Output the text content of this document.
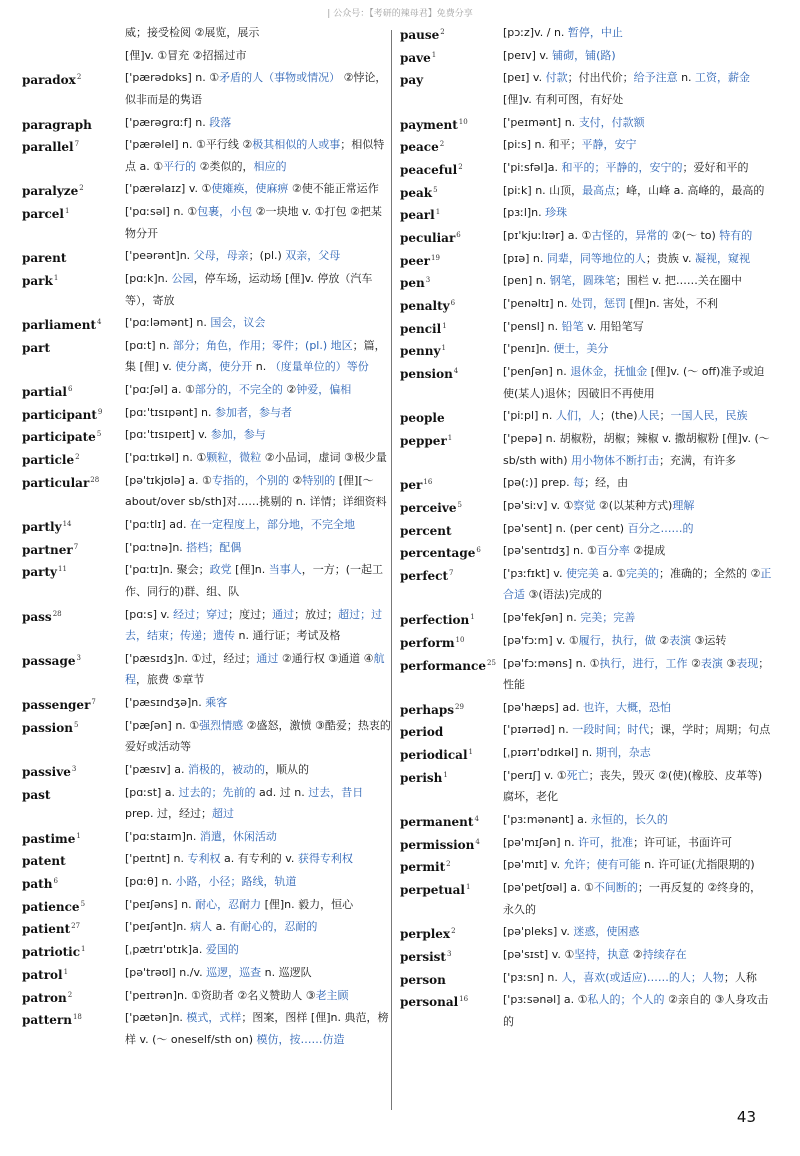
| 公众号：【考研的辣母君】免费分享
威；接受检阅 ②展览，展示
[俚]v. ①冒充 ②招摇过市
paradox$^2$	['pærədɒks] n. ①矛盾的人（事物或情况） ②悖论，似非而是的隽语
paragraph	['pærəgrɑːf] n. 段落
parallel$^7$	['pærəlel] n. ①平行线 ②极其相似的人或事；相似特点 a. ①平行的 ②类似的，相应的
paralyze$^2$	['pærəlaɪz] v. ①使瘫痪，使麻痹 ②使不能正常运作
parcel$^1$	['pɑːsəl] n. ①包裹，小包 ②一块地 v. ①打包 ②把某物分开
parent	['peərənt]n. 父母，母亲；(pl.) 双亲，父母
park$^1$	[pɑːk]n. 公园，停车场，运动场 [俚]v. 停放（汽车等），寄放
parliament$^4$	['pɑːləmənt] n. 国会，议会
part	[pɑːt] n. 部分；角色，作用；零件；(pl.) 地区；篇，集 [俚] v. 使分离，使分开 n. （度量单位的）等份
partial$^6$	['pɑːʃəl] a. ①部分的，不完全的 ②钟爱，偏相
participant$^9$	[pɑː'tɪsɪpənt] n. 参加者，参与者
participate$^5$	[pɑː'tɪsɪpeɪt] v. 参加，参与
particle$^2$	['pɑːtɪkəl] n. ①颗粒，微粒 ②小品词，虚词 ③极少量
particular$^{28}$	[pə'tɪkjʊlə] a. ①专指的，个别的 ②特别的 [俚][～ about/over sb/sth]对……挑剔的 n. 详情；详细资料
partly$^{14}$	['pɑːtlɪ] ad. 在一定程度上，部分地，不完全地
partner$^7$	['pɑːtnə]n. 搭档；配偶
party$^{11}$	['pɑːtɪ]n. 聚会；政党 [俚]n. 当事人，一方；(一起工作、同行的)群、组、队
pass$^{28}$	[pɑːs] v. 经过；穿过；度过；通过；放过；超过；过去，结束；传递；遗传 n. 通行证；考试及格
passage$^3$	['pæsɪdʒ]n. ①过，经过；通过 ②通行权 ③通道 ④航程，旅费 ⑤章节
passenger$^7$	['pæsɪndʒə]n. 乘客
passion$^5$	['pæʃən] n. ①强烈情感 ②盛怒，激愤 ③酷爱；热衷的爱好或活动等
passive$^3$	['pæsɪv] a. 消极的，被动的，顺从的
past	[pɑːst] a. 过去的；先前的 ad. 过 n. 过去，昔日 prep. 过，经过；超过
pastime$^1$	['pɑːstaɪm]n. 消遣，休闲活动
patent	['peɪtnt] n. 专利权 a. 有专利的 v. 获得专利权
path$^6$	[pɑːθ] n. 小路，小径；路线，轨道
patience$^5$	['peɪʃəns] n. 耐心，忍耐力 [俚]n. 毅力，恒心
patient$^{27}$	['peɪʃənt]n. 病人 a. 有耐心的，忍耐的
patriotic$^1$	[ˌpætrɪ'ɒtɪk]a. 爱国的
patrol$^1$	[pə'trəʊl] n./v. 巡逻，巡查 n. 巡逻队
patron$^2$	['peɪtrən]n. ①资助者 ②名义赞助人 ③老主顾
pattern$^{18}$	['pætən]n. 模式，式样；图案，图样 [俚]n. 典范，榜样 v. (～ oneself/sth on) 模仿，按……仿造
pause$^2$	[pɔːz]v. / n. 暂停，中止
pave$^1$	[peɪv] v. 铺砌，铺(路)
pay	[peɪ] v. 付款；付出代价；给予注意 n. 工资，薪金 [俚]v. 有利可图，有好处
payment$^{10}$	['peɪmənt] n. 支付，付款额
peace$^2$	[piːs] n. 和平；平静，安宁
peaceful$^2$	['piːsfəl]a. 和平的；平静的，安宁的；爱好和平的
peak$^5$	[piːk] n. 山顶，最高点；峰，山峰 a. 高峰的，最高的
pearl$^1$	[pɜːl]n. 珍珠
peculiar$^6$	[pɪ'kjuːlɪər] a. ①古怪的，异常的 ②(～ to) 特有的
peer$^{19}$	[pɪə] n. 同辈，同等地位的人；贵族 v. 凝视，窥视
pen$^3$	[pen] n. 钢笔，圆珠笔；围栏 v. 把……关在圈中
penalty$^6$	['penəltɪ] n. 处罚，惩罚 [俚]n. 害处，不利
pencil$^1$	['pensl] n. 铅笔 v. 用铅笔写
penny$^1$	['penɪ]n. 便士，美分
pension$^4$	['penʃən] n. 退休金，抚恤金 [俚]v. (～ off)准予或迫使(某人)退休；因破旧不再使用
people	['piːpl] n. 人们，人；(the)人民；一国人民，民族
pepper$^1$	['pepə] n. 胡椒粉，胡椒；辣椒 v. 撒胡椒粉 [俚]v. (～ sb/sth with) 用小物体不断打击；充满，有许多
per$^{16}$	[pə(ː)] prep. 每；经，由
perceive$^5$	[pə'siːv] v. ①察觉 ②(以某种方式)理解
percent	[pə'sent] n. (per cent) 百分之……的
percentage$^6$	[pə'sentɪdʒ] n. ①百分率 ②提成
perfect$^7$	['pɜːfɪkt] v. 使完美 a. ①完美的；准确的；全然的 ②正合适 ③(语法)完成的
perfection$^1$	[pə'fekʃən] n. 完美；完善
perform$^{10}$	[pə'fɔːm] v. ①履行，执行，做 ②表演 ③运转
performance$^{25}$ [pə'fɔːməns] n. ①执行，进行，工作 ②表演 ③表现；性能
perhaps$^{29}$	[pə'hæps] ad. 也许，大概，恐怕
period	['pɪərɪəd] n. 一段时间；时代；课，学时；周期；句点
periodical$^1$	[ˌpɪərɪ'ɒdɪkəl] n. 期刊，杂志
perish$^1$	['perɪʃ] v. ①死亡；丧失，毁灭 ②(使)(橡胶、皮革等)腐坏，老化
permanent$^4$	['pɜːmənənt] a. 永恒的，长久的
permission$^4$	[pə'mɪʃən] n. 许可，批准；许可证，书面许可
permit$^2$	[pə'mɪt] v. 允许；使有可能 n. 许可证(尤指限期的)
perpetual$^1$	[pə'petʃʊəl] a. ①不间断的；一再反复的 ②终身的，永久的
perplex$^2$	[pə'pleks] v. 迷惑，使困惑
persist$^3$	[pə'sɪst] v. ①坚持，执意 ②持续存在
person	['pɜːsn] n. 人，喜欢(或适应)……的人；人物；人称
personal$^{16}$	['pɜːsənəl] a. ①私人的；个人的 ②亲自的 ③人身攻击的
43
